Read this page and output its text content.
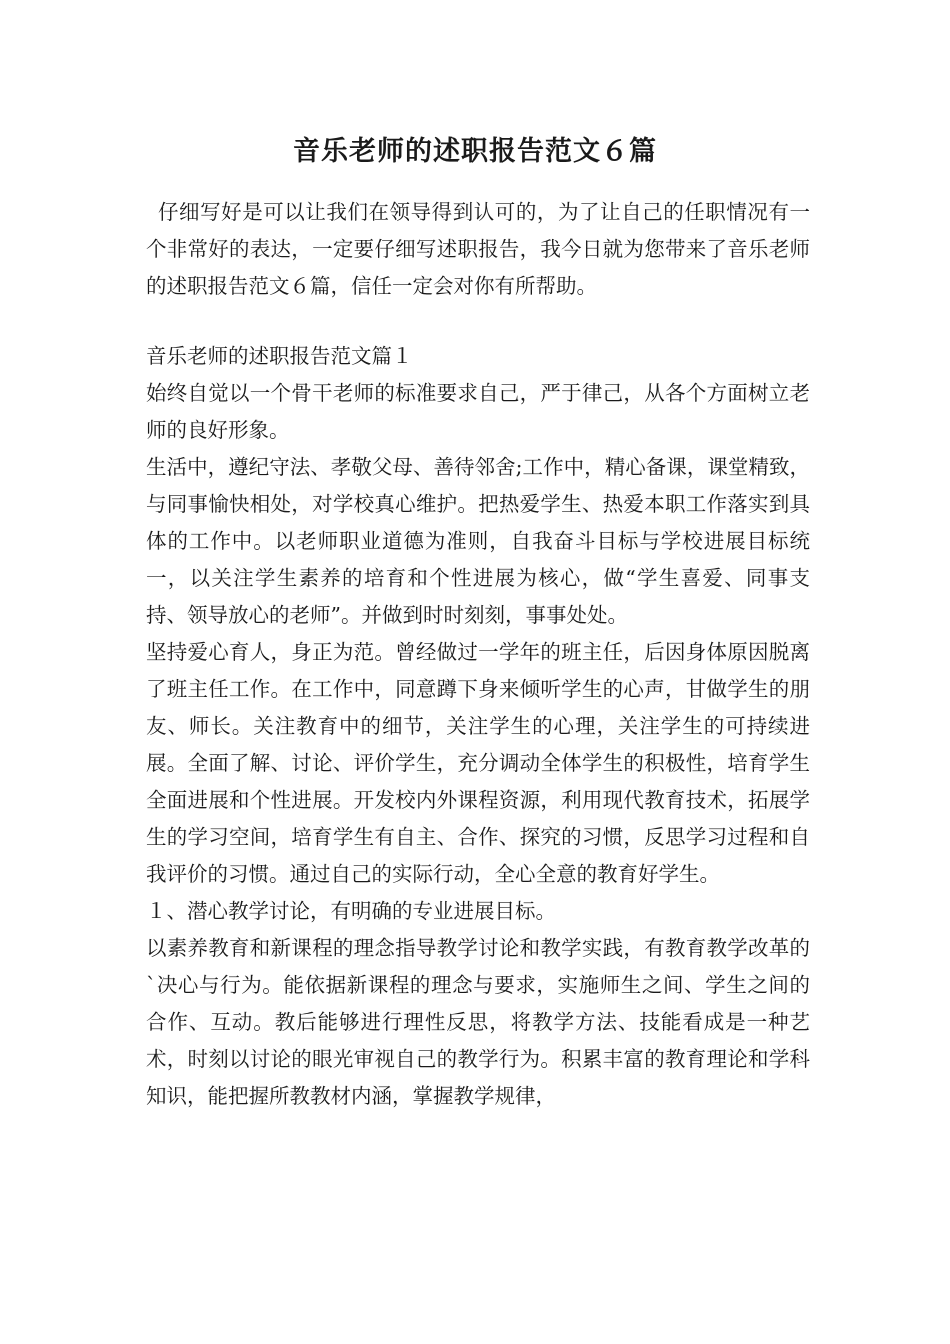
音乐老师的述职报告范文６篇

仔细写好是可以让我们在领导得到认可的，为了让自己的任职情况有一个非常好的表达，一定要仔细写述职报告，我今日就为您带来了音乐老师的述职报告范文６篇，信任一定会对你有所帮助。

音乐老师的述职报告范文篇１

始终自觉以一个骨干老师的标准要求自己，严于律己，从各个方面树立老师的良好形象。

生活中，遵纪守法、孝敬父母、善待邻舍;工作中，精心备课，课堂精致，与同事愉快相处，对学校真心维护。把热爱学生、热爱本职工作落实到具体的工作中。以老师职业道德为准则，自我奋斗目标与学校进展目标统一，以关注学生素养的培育和个性进展为核心，做“学生喜爱、同事支持、领导放心的老师”。并做到时时刻刻，事事处处。

坚持爱心育人，身正为范。曾经做过一学年的班主任，后因身体原因脱离了班主任工作。在工作中，同意蹲下身来倾听学生的心声，甘做学生的朋友、师长。关注教育中的细节，关注学生的心理，关注学生的可持续进展。全面了解、讨论、评价学生，充分调动全体学生的积极性，培育学生全面进展和个性进展。开发校内外课程资源，利用现代教育技术，拓展学生的学习空间，培育学生有自主、合作、探究的习惯，反思学习过程和自我评价的习惯。通过自己的实际行动，全心全意的教育好学生。

１、潜心教学讨论，有明确的专业进展目标。

以素养教育和新课程的理念指导教学讨论和教学实践，有教育教学改革的`决心与行为。能依据新课程的理念与要求，实施师生之间、学生之间的合作、互动。教后能够进行理性反思，将教学方法、技能看成是一种艺术，时刻以讨论的眼光审视自己的教学行为。积累丰富的教育理论和学科知识，能把握所教教材内涵，掌握教学规律，
